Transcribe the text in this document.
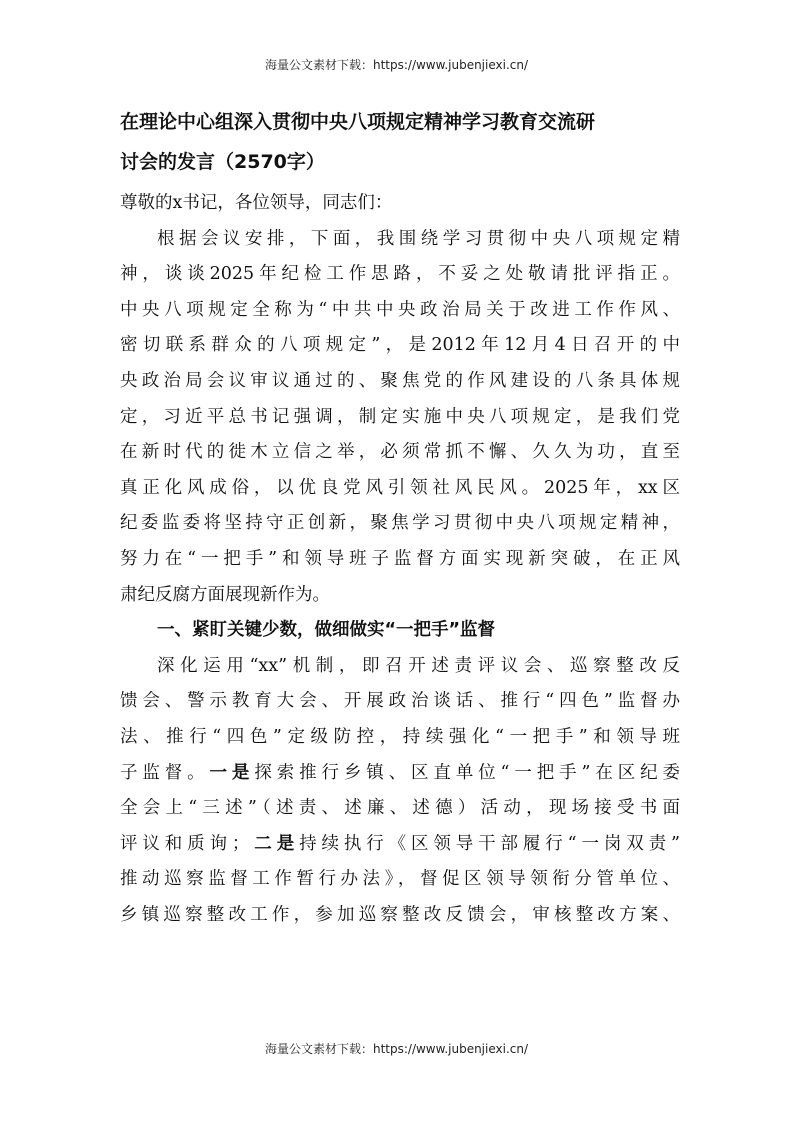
海量公文素材下载：https://www.jubenjiexi.cn/
在理论中心组深入贯彻中央八项规定精神学习教育交流研
讨会的发言（2570字）
尊敬的x书记，各位领导，同志们：
根据会议安排，下面，我围绕学习贯彻中央八项规定精
神，谈谈2025年纪检工作思路，不妥之处敬请批评指正。
中央八项规定全称为“中共中央政治局关于改进工作作风、
密切联系群众的八项规定”，是2012年12月4日召开的中
央政治局会议审议通过的、聚焦党的作风建设的八条具体规
定，习近平总书记强调，制定实施中央八项规定，是我们党
在新时代的徙木立信之举，必须常抓不懈、久久为功，直至
真正化风成俗，以优良党风引领社风民风。2025年，xx区
纪委监委将坚持守正创新，聚焦学习贯彻中央八项规定精神，
努力在“一把手”和领导班子监督方面实现新突破，在正风
肃纪反腐方面展现新作为。
一、紧盯关键少数，做细做实“一把手”监督
深化运用“xx”机制，即召开述责评议会、巡察整改反
馈会、警示教育大会、开展政治谈话、推行“四色”监督办
法、推行“四色”定级防控，持续强化“一把手”和领导班
子监督。一是探索推行乡镇、区直单位“一把手”在区纪委
全会上“三述”（述责、述廉、述德）活动，现场接受书面
评议和质询；二是持续执行《区领导干部履行“一岗双责”
推动巡察监督工作暂行办法》，督促区领导领衔分管单位、
乡镇巡察整改工作，参加巡察整改反馈会，审核整改方案、
海量公文素材下载：https://www.jubenjiexi.cn/
